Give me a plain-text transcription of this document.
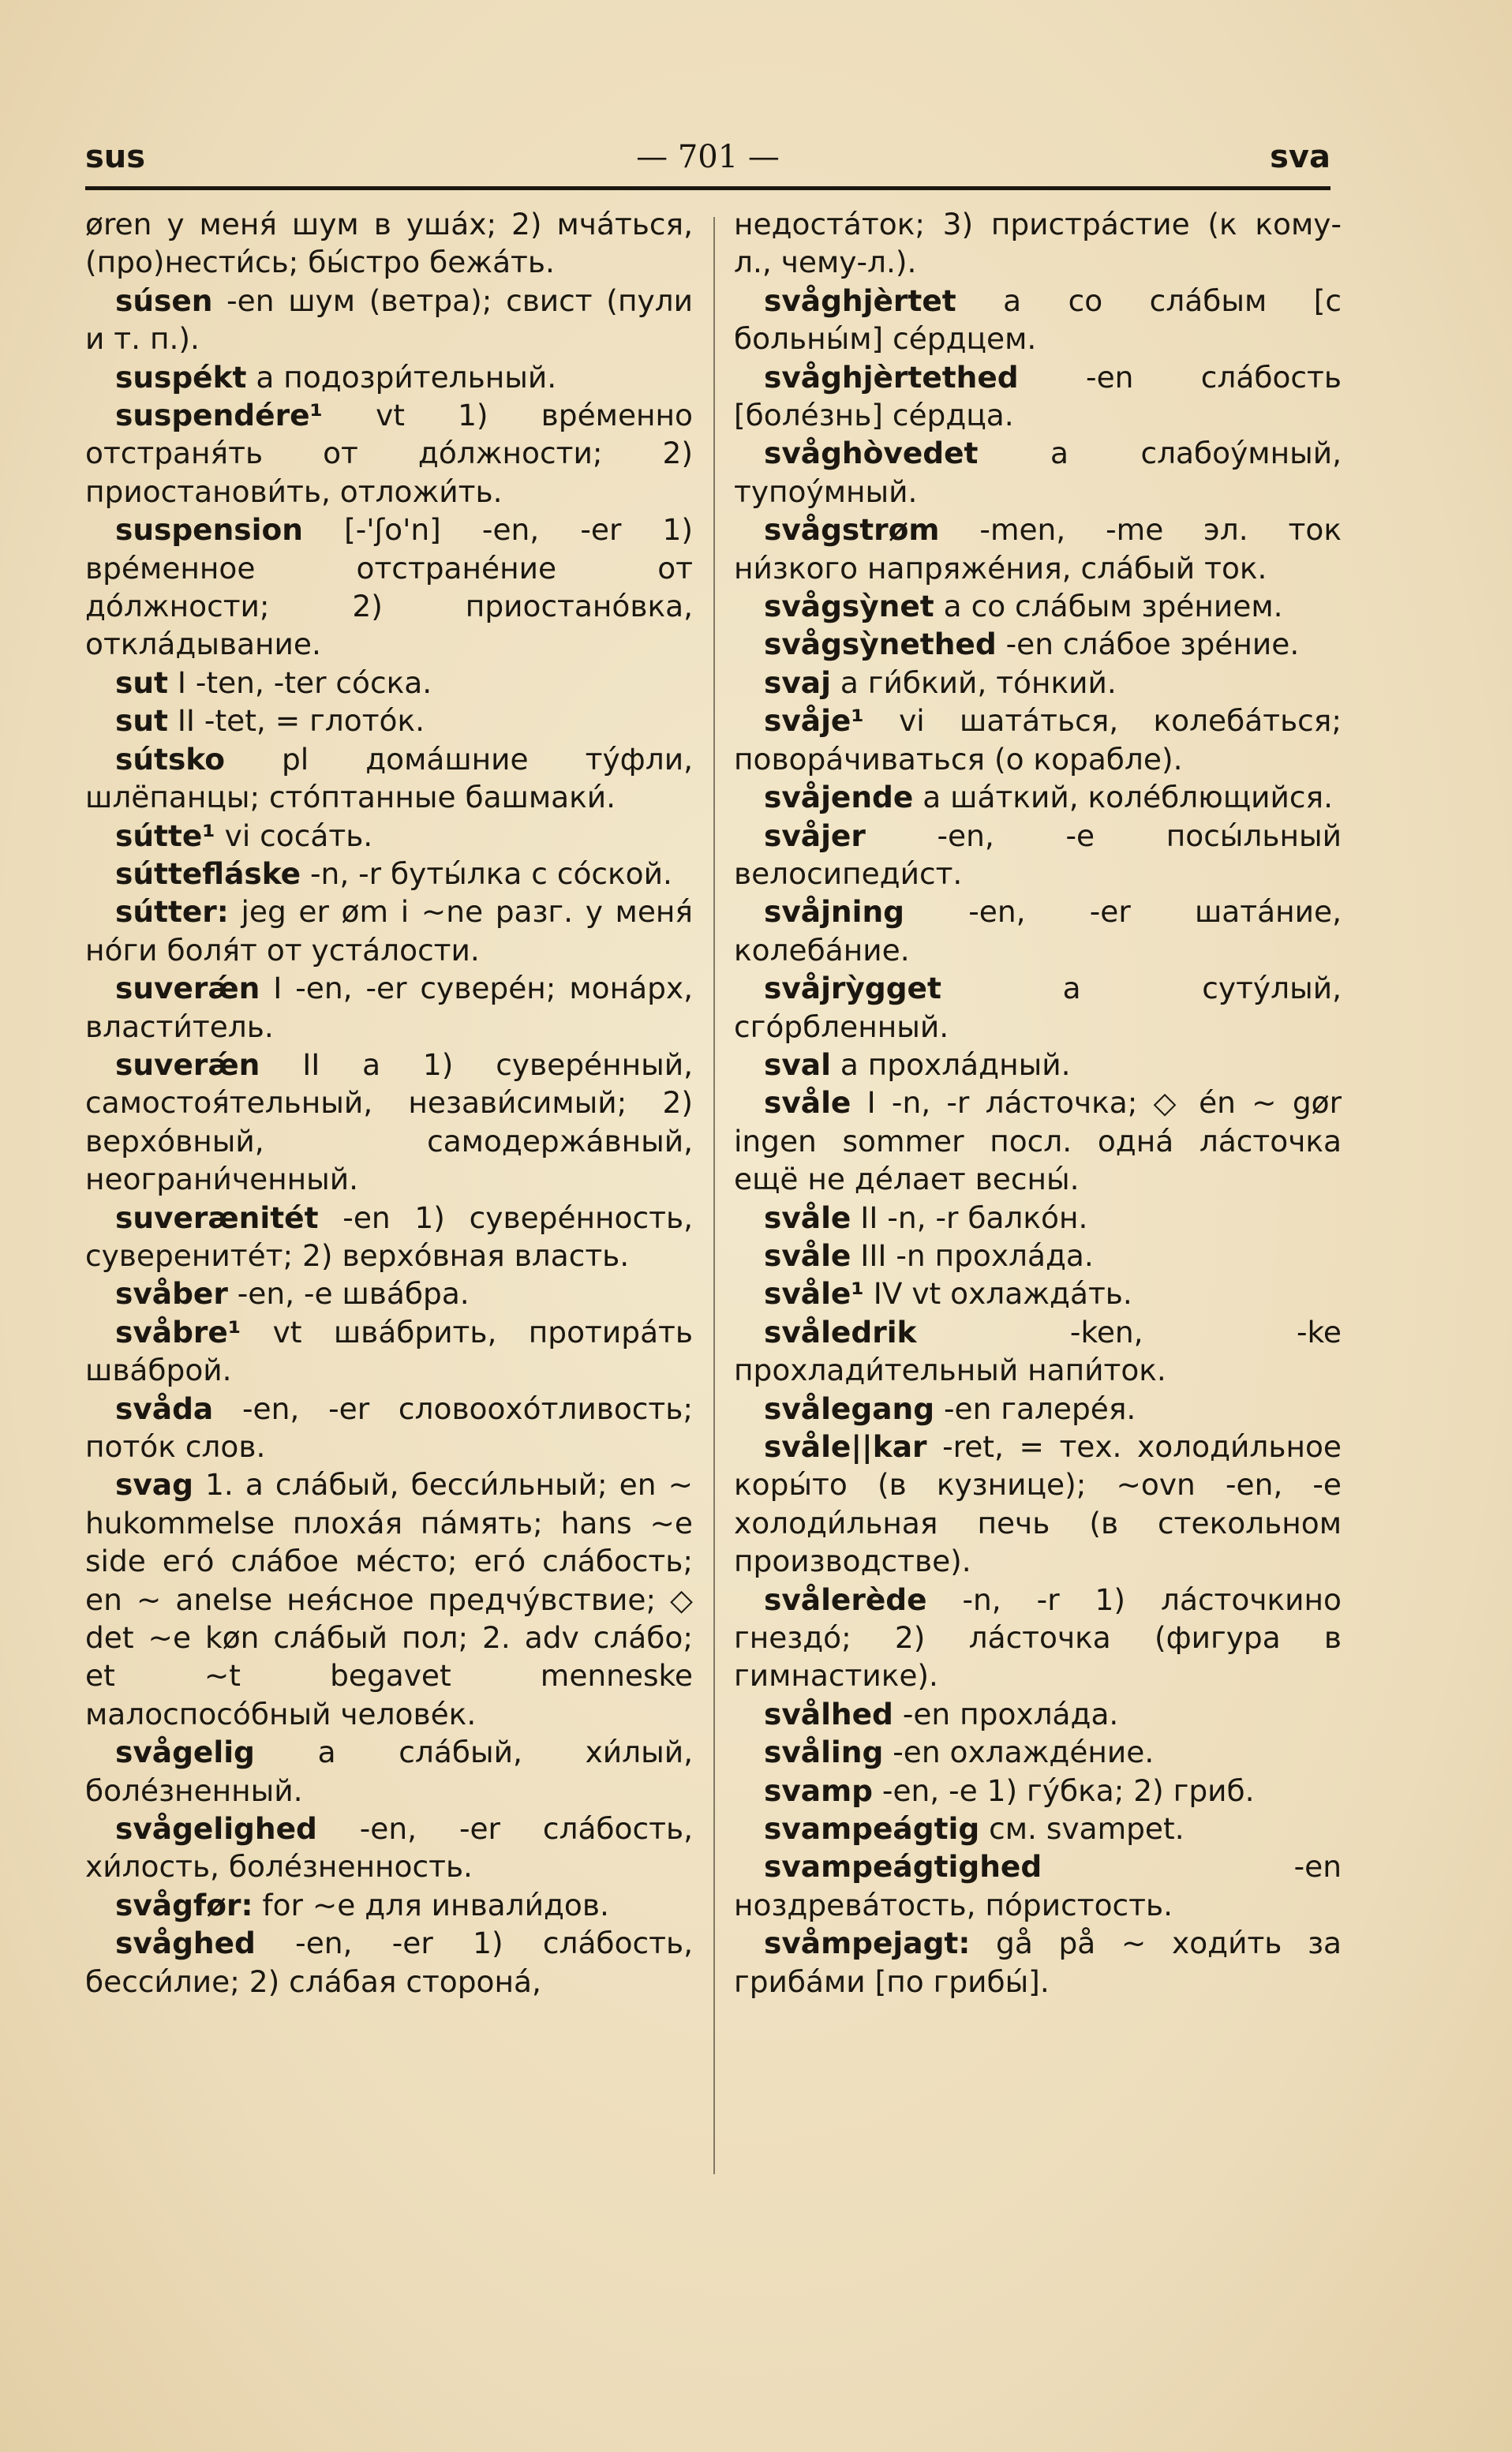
sus	— 701 —	sva

øren у меня́ шум в уша́х; 2) мча́ться, (про)нести́сь; бы́стро бежа́ть.

súsen -en шум (ветра); свист (пули и т. п.).

suspékt a подозри́тельный.

suspendére¹ vt 1) вре́менно отстраня́ть от до́лжности; 2) приостанови́ть, отложи́ть.

suspension [-'ʃo'n] -en, -er 1) вре́менное отстране́ние от до́лжности; 2) приостано́вка, откла́дывание.

sut I -ten, -ter со́ска.

sut II -tet, = глото́к.

sútsko pl дома́шние ту́фли, шлёпанцы; сто́птанные башмаки́.

sútte¹ vi соса́ть.

súttefláske -n, -r буты́лка с со́ской.

sútter: jeg er øm i ~ne разг. у меня́ но́ги боля́т от уста́лости.

suverǽn I -en, -er сувере́н; мона́рх, власти́тель.

suverǽn II a 1) сувере́нный, самостоя́тельный, незави́симый; 2) верхо́вный, самодержа́вный, неограни́ченный.

suverænitét -en 1) сувере́нность, суверените́т; 2) верхо́вная власть.

svåber -en, -e шва́бра.

svåbre¹ vt шва́брить, протира́ть шва́брой.

svåda -en, -er словоохо́тливость; пото́к слов.

svag 1. a сла́бый, бесси́льный; en ~ hukommelse плоха́я па́мять; hans ~e side его́ сла́бое ме́сто; его́ сла́бость; en ~ anelse нея́сное предчу́вствие; ◇ det ~e køn сла́бый пол; 2. adv сла́бо; et ~t begavet menneske малоспосо́бный челове́к.

svågelig a сла́бый, хи́лый, боле́зненный.

svågelighed -en, -er сла́бость, хи́лость, боле́зненность.

svågfør: for ~e для инвали́дов.

svåghed -en, -er 1) сла́бость, бесси́лие; 2) сла́бая сторона́,

недоста́ток; 3) пристра́стие (к кому-л., чему-л.).

svåghjèrtet a со сла́бым [с больны́м] се́рдцем.

svåghjèrtethed -en сла́бость [боле́знь] се́рдца.

svåghòvedet a слабоу́мный, тупоу́мный.

svågstrøm -men, -me эл. ток ни́зкого напряже́ния, сла́бый ток.

svågsỳnet a со сла́бым зре́нием.

svågsỳnethed -en сла́бое зре́ние.

svaj a ги́бкий, то́нкий.

svåje¹ vi шата́ться, колеба́ться; повора́чиваться (о корабле).

svåjende a ша́ткий, коле́блющийся.

svåjer -en, -e посы́льный велосипеди́ст.

svåjning -en, -er шата́ние, колеба́ние.

svåjrỳgget a суту́лый, сго́рбленный.

sval a прохла́дный.

svåle I -n, -r ла́сточка; ◇ én ~ gør ingen sommer посл. одна́ ла́сточка ещё не де́лает весны́.

svåle II -n, -r балко́н.

svåle III -n прохла́да.

svåle¹ IV vt охлажда́ть.

svåledrik -ken, -ke прохлади́тельный напи́ток.

svålegang -en галере́я.

svåle||kar -ret, = тех. холоди́льное коры́то (в кузнице); ~ovn -en, -e холоди́льная печь (в стекольном производстве).

svålerède -n, -r 1) ла́сточкино гнездо́; 2) ла́сточка (фигура в гимнастике).

svålhed -en прохла́да.

svåling -en охлажде́ние.

svamp -en, -e 1) гу́бка; 2) гриб.

svampeágtig см. svampet.

svampeágtighed -en ноздрева́тость, по́ристость.

svåmpejagt: gå på ~ ходи́ть за гриба́ми [по грибы́].
